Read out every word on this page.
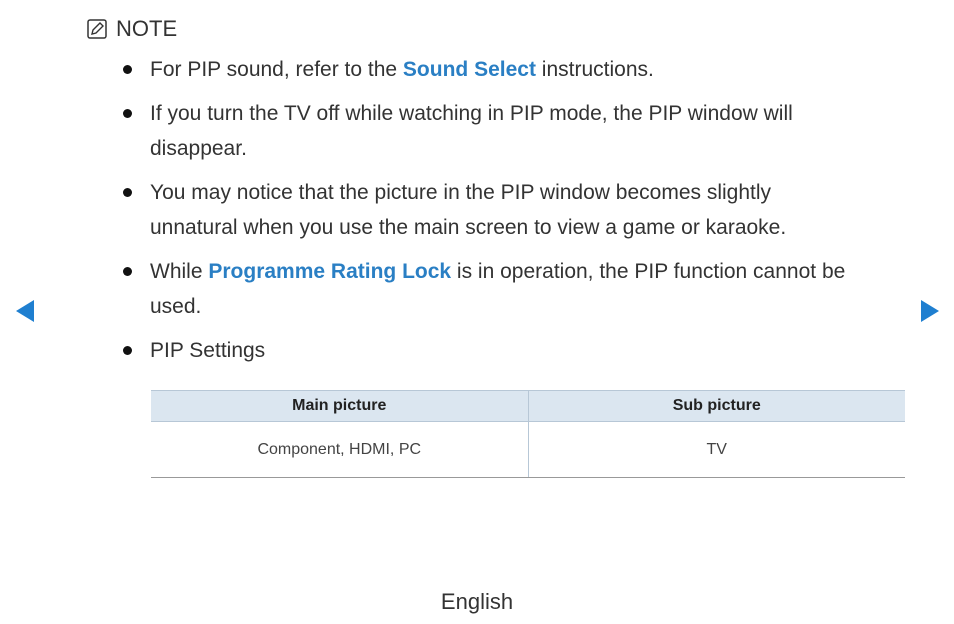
NOTE
For PIP sound, refer to the Sound Select instructions.
If you turn the TV off while watching in PIP mode, the PIP window will
disappear.
You may notice that the picture in the PIP window becomes slightly
unnatural when you use the main screen to view a game or karaoke.
While Programme Rating Lock is in operation, the PIP function cannot be
used.
PIP Settings
Main picture	Sub picture
Component, HDMI, PC	TV
English
